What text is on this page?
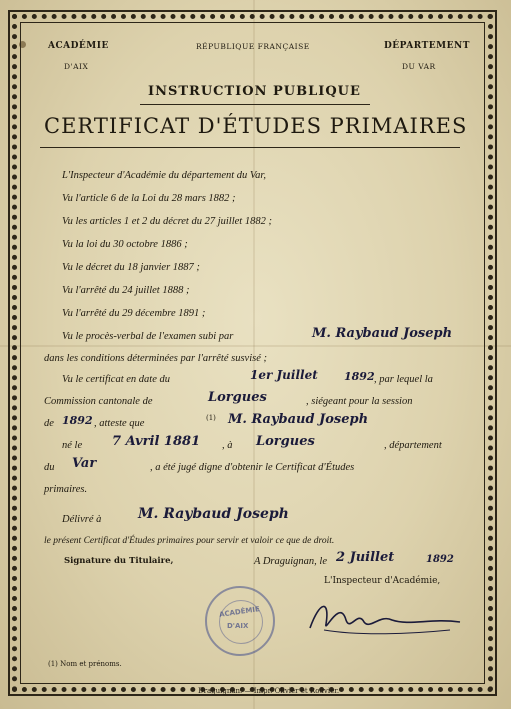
ACADÉMIE
D'AIX
RÉPUBLIQUE FRANÇAISE	DÉPARTEMENT
DU VAR
INSTRUCTION PUBLIQUE
CERTIFICAT D'ÉTUDES PRIMAIRES
L'Inspecteur d'Académie du département du Var,
Vu l'article 6 de la Loi du 28 mars 1882 ;
Vu les articles 1 et 2 du décret du 27 juillet 1882 ;
Vu la loi du 30 octobre 1886 ;
Vu le décret du 18 janvier 1887 ;
Vu l'arrêté du 24 juillet 1888 ;
Vu l'arrêté du 29 décembre 1891 ;
Vu le procès-verbal de l'examen subi par	M. Raybaud Joseph
dans les conditions déterminées par l'arrêté susvisé ;
Vu le certificat en date du	1er Juillet 1892 , par lequel la
Commission cantonale de	Lorgues	, siégeant pour la session
de 1892 , atteste que	(1) M. Raybaud Joseph
né le 7 Avril 1881 , à Lorgues	, département
du Var	, a été jugé digne d'obtenir le Certificat d'Études
primaires.
Délivré à	M. Raybaud Joseph
le présent Certificat d'Études primaires pour servir et valoir ce que de droit.
Signature du Titulaire,	A Draguignan, le 2 Juillet	1892
L'Inspecteur d'Académie,
ACADÉMIE
D'AIX
(1) Nom et prénoms.
Draguignan. — Impr. Olivier et Rouvier.
